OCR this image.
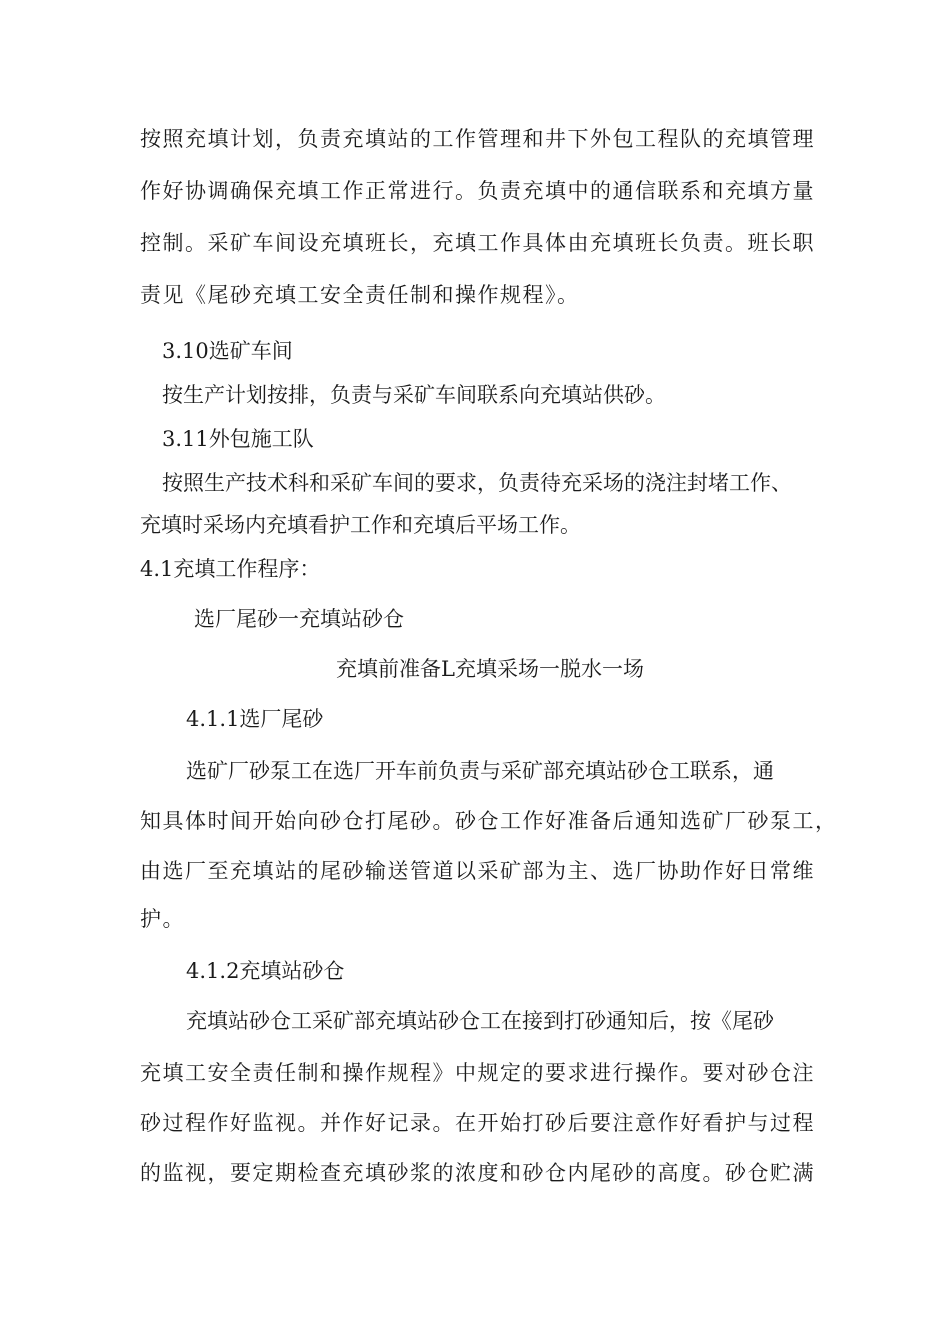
按照充填计划，负责充填站的工作管理和井下外包工程队的充填管理
作好协调确保充填工作正常进行。负责充填中的通信联系和充填方量
控制。采矿车间设充填班长，充填工作具体由充填班长负责。班长职
责见《尾砂充填工安全责任制和操作规程》。
3.10选矿车间
按生产计划按排，负责与采矿车间联系向充填站供砂。
3.11外包施工队
按照生产技术科和采矿车间的要求，负责待充采场的浇注封堵工作、
充填时采场内充填看护工作和充填后平场工作。
4.1充填工作程序：
选厂尾砂一充填站砂仓
充填前准备L充填采场一脱水一场
4.1.1选厂尾砂
选矿厂砂泵工在选厂开车前负责与采矿部充填站砂仓工联系，通
知具体时间开始向砂仓打尾砂。砂仓工作好准备后通知选矿厂砂泵工，
由选厂至充填站的尾砂输送管道以采矿部为主、选厂协助作好日常维
护。
4.1.2充填站砂仓
充填站砂仓工采矿部充填站砂仓工在接到打砂通知后，按《尾砂
充填工安全责任制和操作规程》中规定的要求进行操作。要对砂仓注
砂过程作好监视。并作好记录。在开始打砂后要注意作好看护与过程
的监视，要定期检查充填砂浆的浓度和砂仓内尾砂的高度。砂仓贮满
